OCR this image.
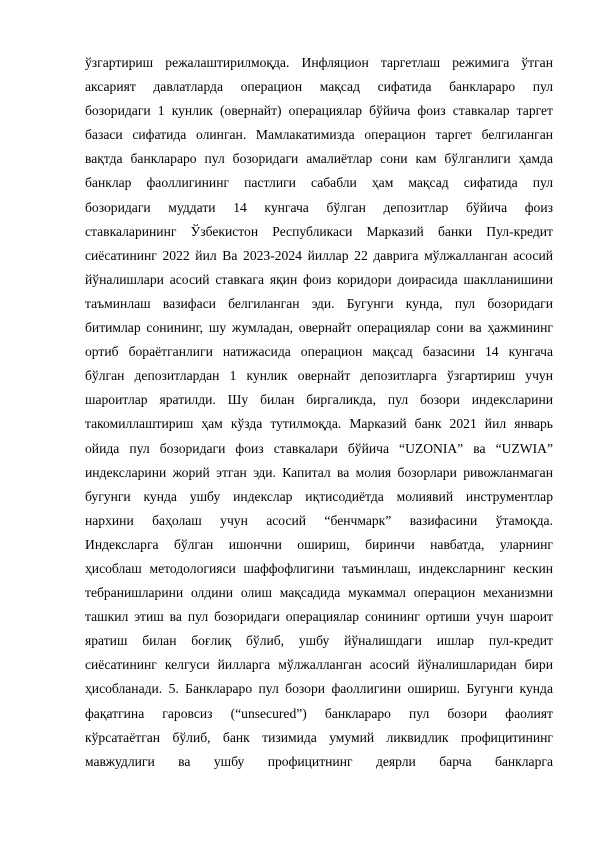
ўзгартириш режалаштирилмоқда. Инфляцион таргетлаш режимига ўтган
аксарият давлатларда операцион мақсад сифатида банклараро пул
бозоридаги 1 кунлик (овернайт) операциялар бўйича фоиз ставкалар таргет
базаси сифатида олинган. Мамлакатимизда операцион таргет белгиланган
вақтда банклараро пул бозоридаги амалиётлар сони кам бўлганлиги ҳамда
банклар фаоллигининг пастлиги сабабли ҳам мақсад сифатида пул
бозоридаги муддати 14 кунгача бўлган депозитлар бўйича фоиз
ставкаларининг Ўзбекистон Республикаси Марказий банки Пул-кредит
сиёсатининг 2022 йил Ва 2023-2024 йиллар 22 даврига мўлжалланган асосий
йўналишлари асосий ставкага яқин фоиз коридори доирасида шаклланишини
таъминлаш вазифаси белгиланган эди. Бугунги кунда, пул бозоридаги
битимлар сонининг, шу жумладан, овернайт операциялар сони ва ҳажмининг
ортиб бораётганлиги натижасида операцион мақсад базасини 14 кунгача
бўлган депозитлардан 1 кунлик овернайт депозитларга ўзгартириш учун
шароитлар яратилди. Шу билан биргаликда, пул бозори индексларини
такомиллаштириш ҳам кўзда тутилмоқда. Марказий банк 2021 йил январь
ойида пул бозоридаги фоиз ставкалари бўйича “UZONIA” ва “UZWIA”
индексларини жорий этган эди. Капитал ва молия бозорлари ривожланмаган
бугунги кунда ушбу индекслар иқтисодиётда молиявий инструментлар
нархини баҳолаш учун асосий “бенчмарк” вазифасини ўтамоқда.
Индексларга бўлган ишончни ошириш, биринчи навбатда, уларнинг
ҳисоблаш методологияси шаффофлигини таъминлаш, индексларнинг кескин
тебранишларини олдини олиш мақсадида мукаммал операцион механизмни
ташкил этиш ва пул бозоридаги операциялар сонининг ортиши учун шароит
яратиш билан боғлиқ бўлиб, ушбу йўналишдаги ишлар пул-кредит
сиёсатининг келгуси йилларга мўлжалланган асосий йўналишларидан бири
ҳисобланади. 5. Банклараро пул бозори фаоллигини ошириш. Бугунги кунда
фақатгина гаровсиз (“unsecured”) банклараро пул бозори фаолият
кўрсатаётган бўлиб, банк тизимида умумий ликвидлик профицитининг
мавжудлиги ва ушбу профицитнинг деярли барча банкларга
